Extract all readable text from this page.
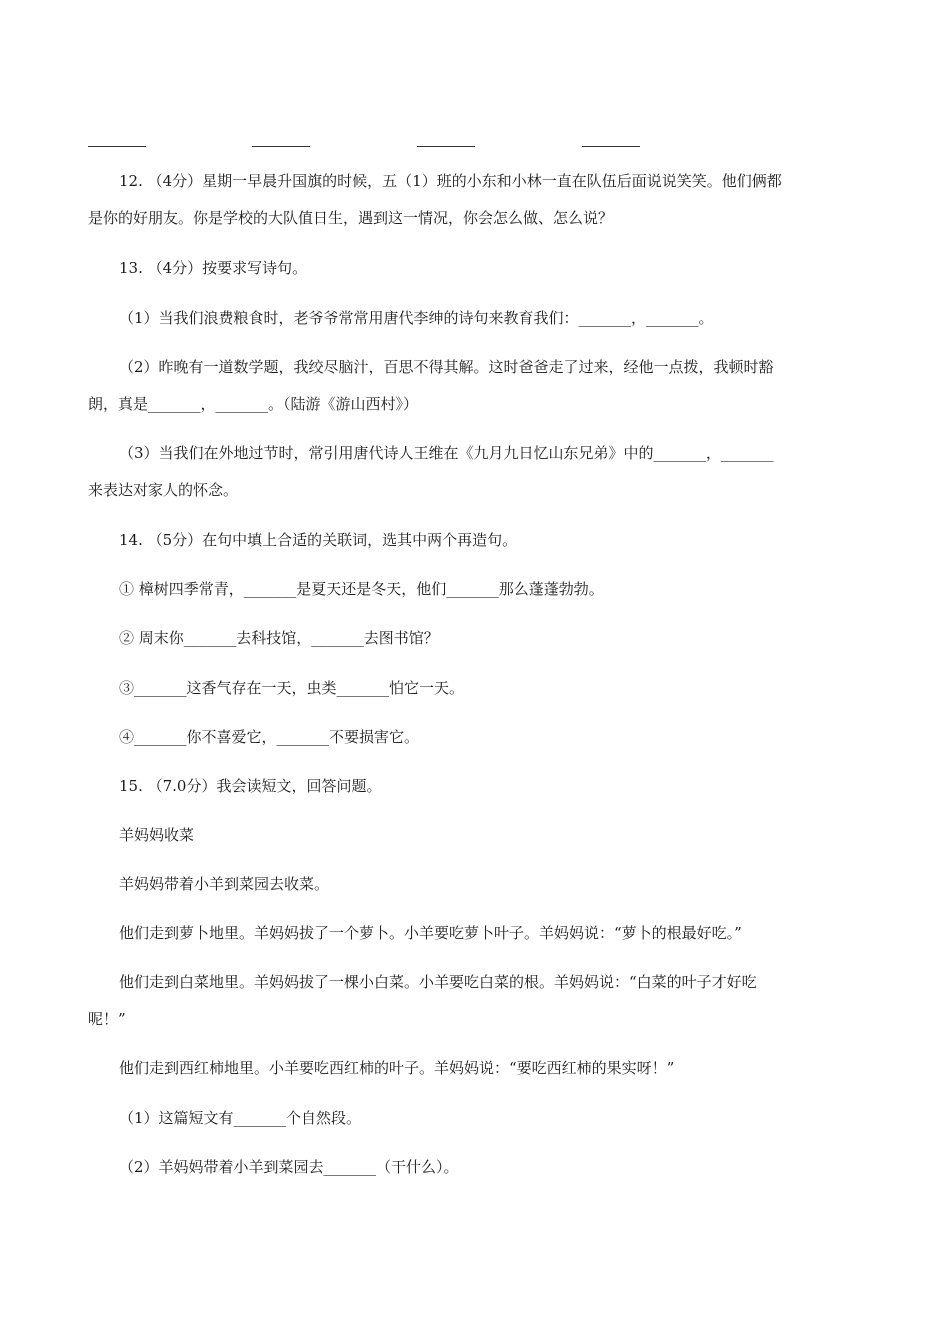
12. （4分）星期一早晨升国旗的时候，五（1）班的小东和小林一直在队伍后面说说笑笑。他们俩都
是你的好朋友。你是学校的大队值日生，遇到这一情况，你会怎么做、怎么说？
13. （4分）按要求写诗句。
（1）当我们浪费粮食时，老爷爷常常用唐代李绅的诗句来教育我们：_______，_______。
（2）昨晚有一道数学题，我绞尽脑汁，百思不得其解。这时爸爸走了过来，经他一点拨，我顿时豁
朗，真是_______，_______。（陆游《游山西村》）
（3）当我们在外地过节时，常引用唐代诗人王维在《九月九日忆山东兄弟》中的_______，_______
来表达对家人的怀念。
14. （5分）在句中填上合适的关联词，选其中两个再造句。
① 樟树四季常青，_______是夏天还是冬天，他们_______那么蓬蓬勃勃。
② 周末你_______去科技馆，_______去图书馆？
③_______这香气存在一天，虫类_______怕它一天。
④_______你不喜爱它，_______不要损害它。
15. （7.0分）我会读短文，回答问题。
羊妈妈收菜
羊妈妈带着小羊到菜园去收菜。
他们走到萝卜地里。羊妈妈拔了一个萝卜。小羊要吃萝卜叶子。羊妈妈说：“萝卜的根最好吃。”
他们走到白菜地里。羊妈妈拔了一棵小白菜。小羊要吃白菜的根。羊妈妈说：“白菜的叶子才好吃
呢！”
他们走到西红柿地里。小羊要吃西红柿的叶子。羊妈妈说：“要吃西红柿的果实呀！”
（1）这篇短文有_______个自然段。
（2）羊妈妈带着小羊到菜园去_______（干什么）。
